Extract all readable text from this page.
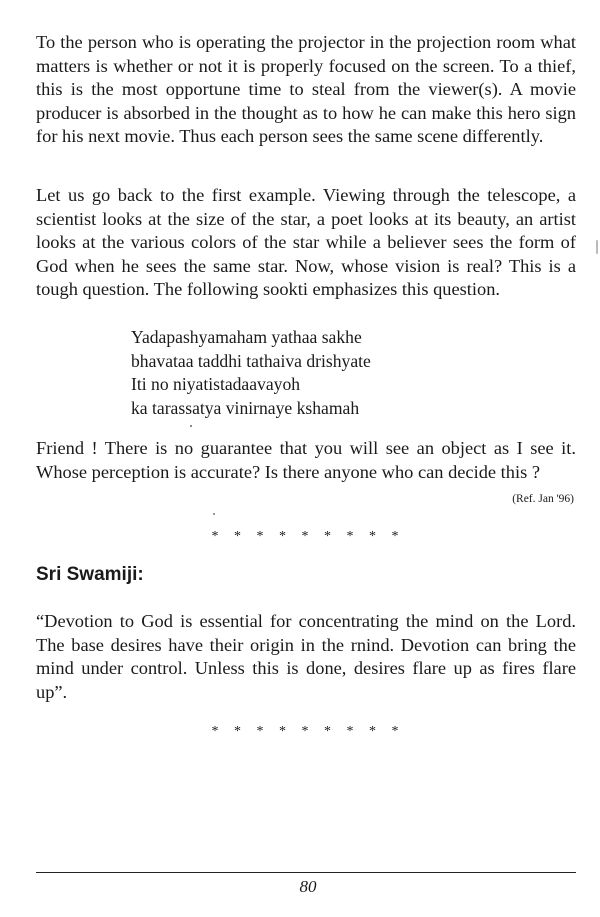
To the person who is operating the projector in the projection room what matters is whether or not it is properly focused on the screen. To a thief, this is the most opportune time to steal from the viewer(s). A movie producer is absorbed in the thought as to how he can make this hero sign for his next movie. Thus each person sees the same scene differently.

Let us go back to the first example. Viewing through the telescope, a scientist looks at the size of the star, a poet looks at its beauty, an artist looks at the various colors of the star while a believer sees the form of God when he sees the same star. Now, whose vision is real? This is a tough question. The following sookti emphasizes this question.

Yadapashyamaham yathaa sakhe
bhavataa taddhi tathaiva drishyate
Iti no niyatistadaavayoh
ka tarassatya vinirnaye kshamah

Friend ! There is no guarantee that you will see an object as I see it. Whose perception is accurate? Is there anyone who can decide this ?

(Ref. Jan '96)
* * * * * * * * *
Sri Swamiji:

“Devotion to God is essential for concentrating the mind on the Lord. The base desires have their origin in the rnind. Devotion can bring the mind under control. Unless this is done, desires flare up as fires flare up”.

* * * * * * * * *
80
